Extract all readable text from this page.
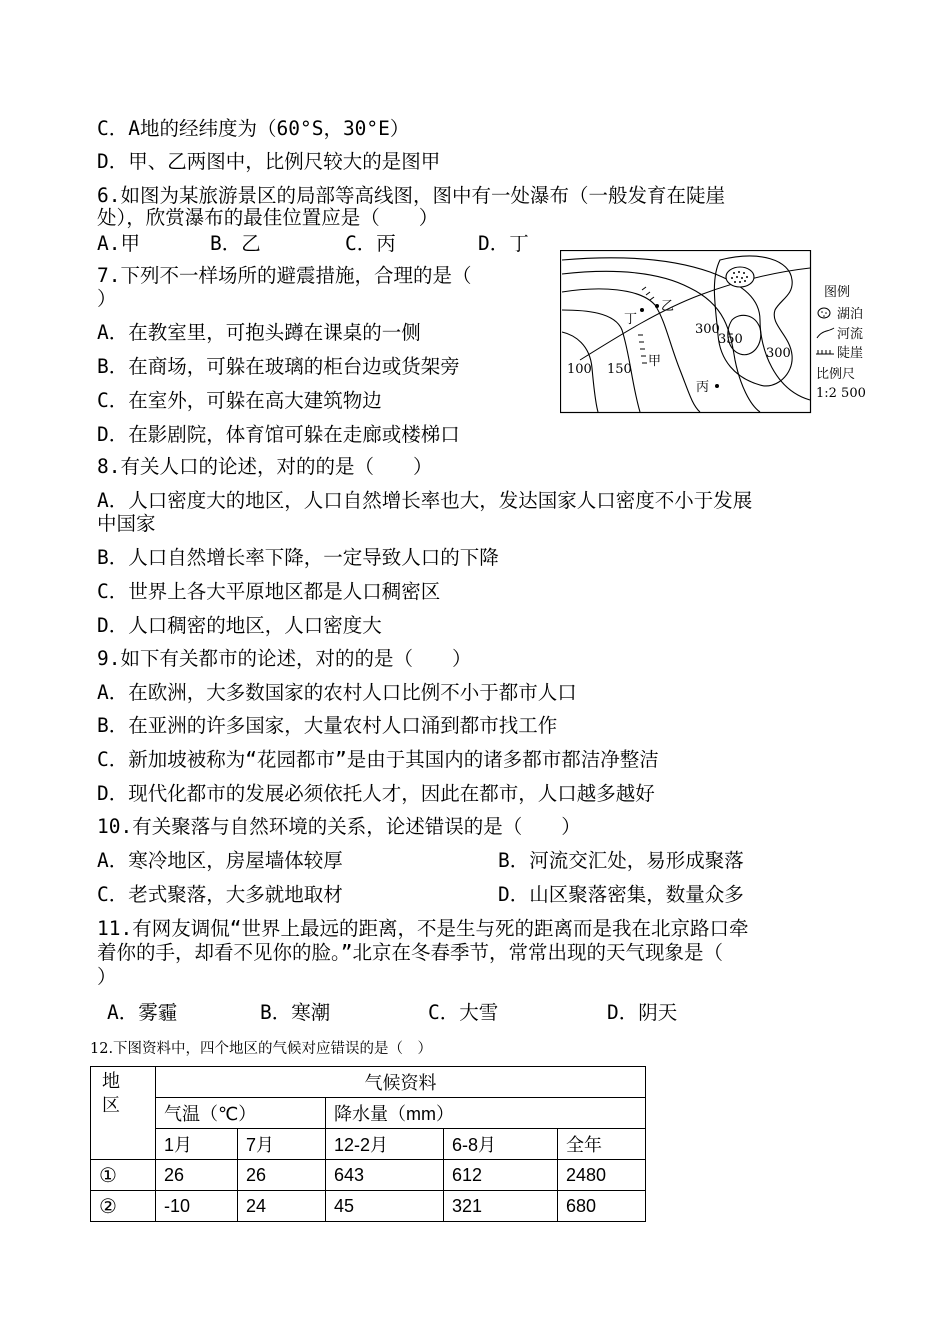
C．A地的经纬度为（60°S，30°E）
D．甲、乙两图中，比例尺较大的是图甲
6.如图为某旅游景区的局部等高线图，图中有一处瀑布（一般发育在陡崖
处），欣赏瀑布的最佳位置应是（　　）
A.甲	B．乙	C．丙	D．丁
7.下列不一样场所的避震措施，合理的是（
）
A．在教室里，可抱头蹲在课桌的一侧
B．在商场，可躲在玻璃的柜台边或货架旁
C．在室外，可躲在高大建筑物边
D．在影剧院，体育馆可躲在走廊或楼梯口
8.有关人口的论述，对的的是（　　）
A．人口密度大的地区，人口自然增长率也大，发达国家人口密度不小于发展
中国家
B．人口自然增长率下降，一定导致人口的下降
C．世界上各大平原地区都是人口稠密区
D．人口稠密的地区，人口密度大
9.如下有关都市的论述，对的的是（　　）
A．在欧洲，大多数国家的农村人口比例不小于都市人口
B．在亚洲的许多国家，大量农村人口涌到都市找工作
C．新加坡被称为“花园都市”是由于其国内的诸多都市都洁净整洁
D．现代化都市的发展必须依托人才，因此在都市，人口越多越好
10.有关聚落与自然环境的关系，论述错误的是（　　）
A．寒冷地区，房屋墙体较厚	B．河流交汇处，易形成聚落
C．老式聚落，大多就地取材	D．山区聚落密集，数量众多
11.有网友调侃“世界上最远的距离，不是生与死的距离而是我在北京路口牵
着你的手，却看不见你的脸。”北京在冬春季节，常常出现的天气现象是（
）
A．雾霾	B．寒潮	C．大雪	D．阴天
12.下图资料中，四个地区的气候对应错误的是（　）
100 150
300
350
300
甲
乙
丙
丁
图例
湖泊
河流
陡崖
比例尺
1:2 500
地区	气候资料				
	气温（℃）		降水量（mm）		
	1月	7月	12-2月	6-8月	全年
①	26	26	643	612	2480
②	-10	24	45	321	680
